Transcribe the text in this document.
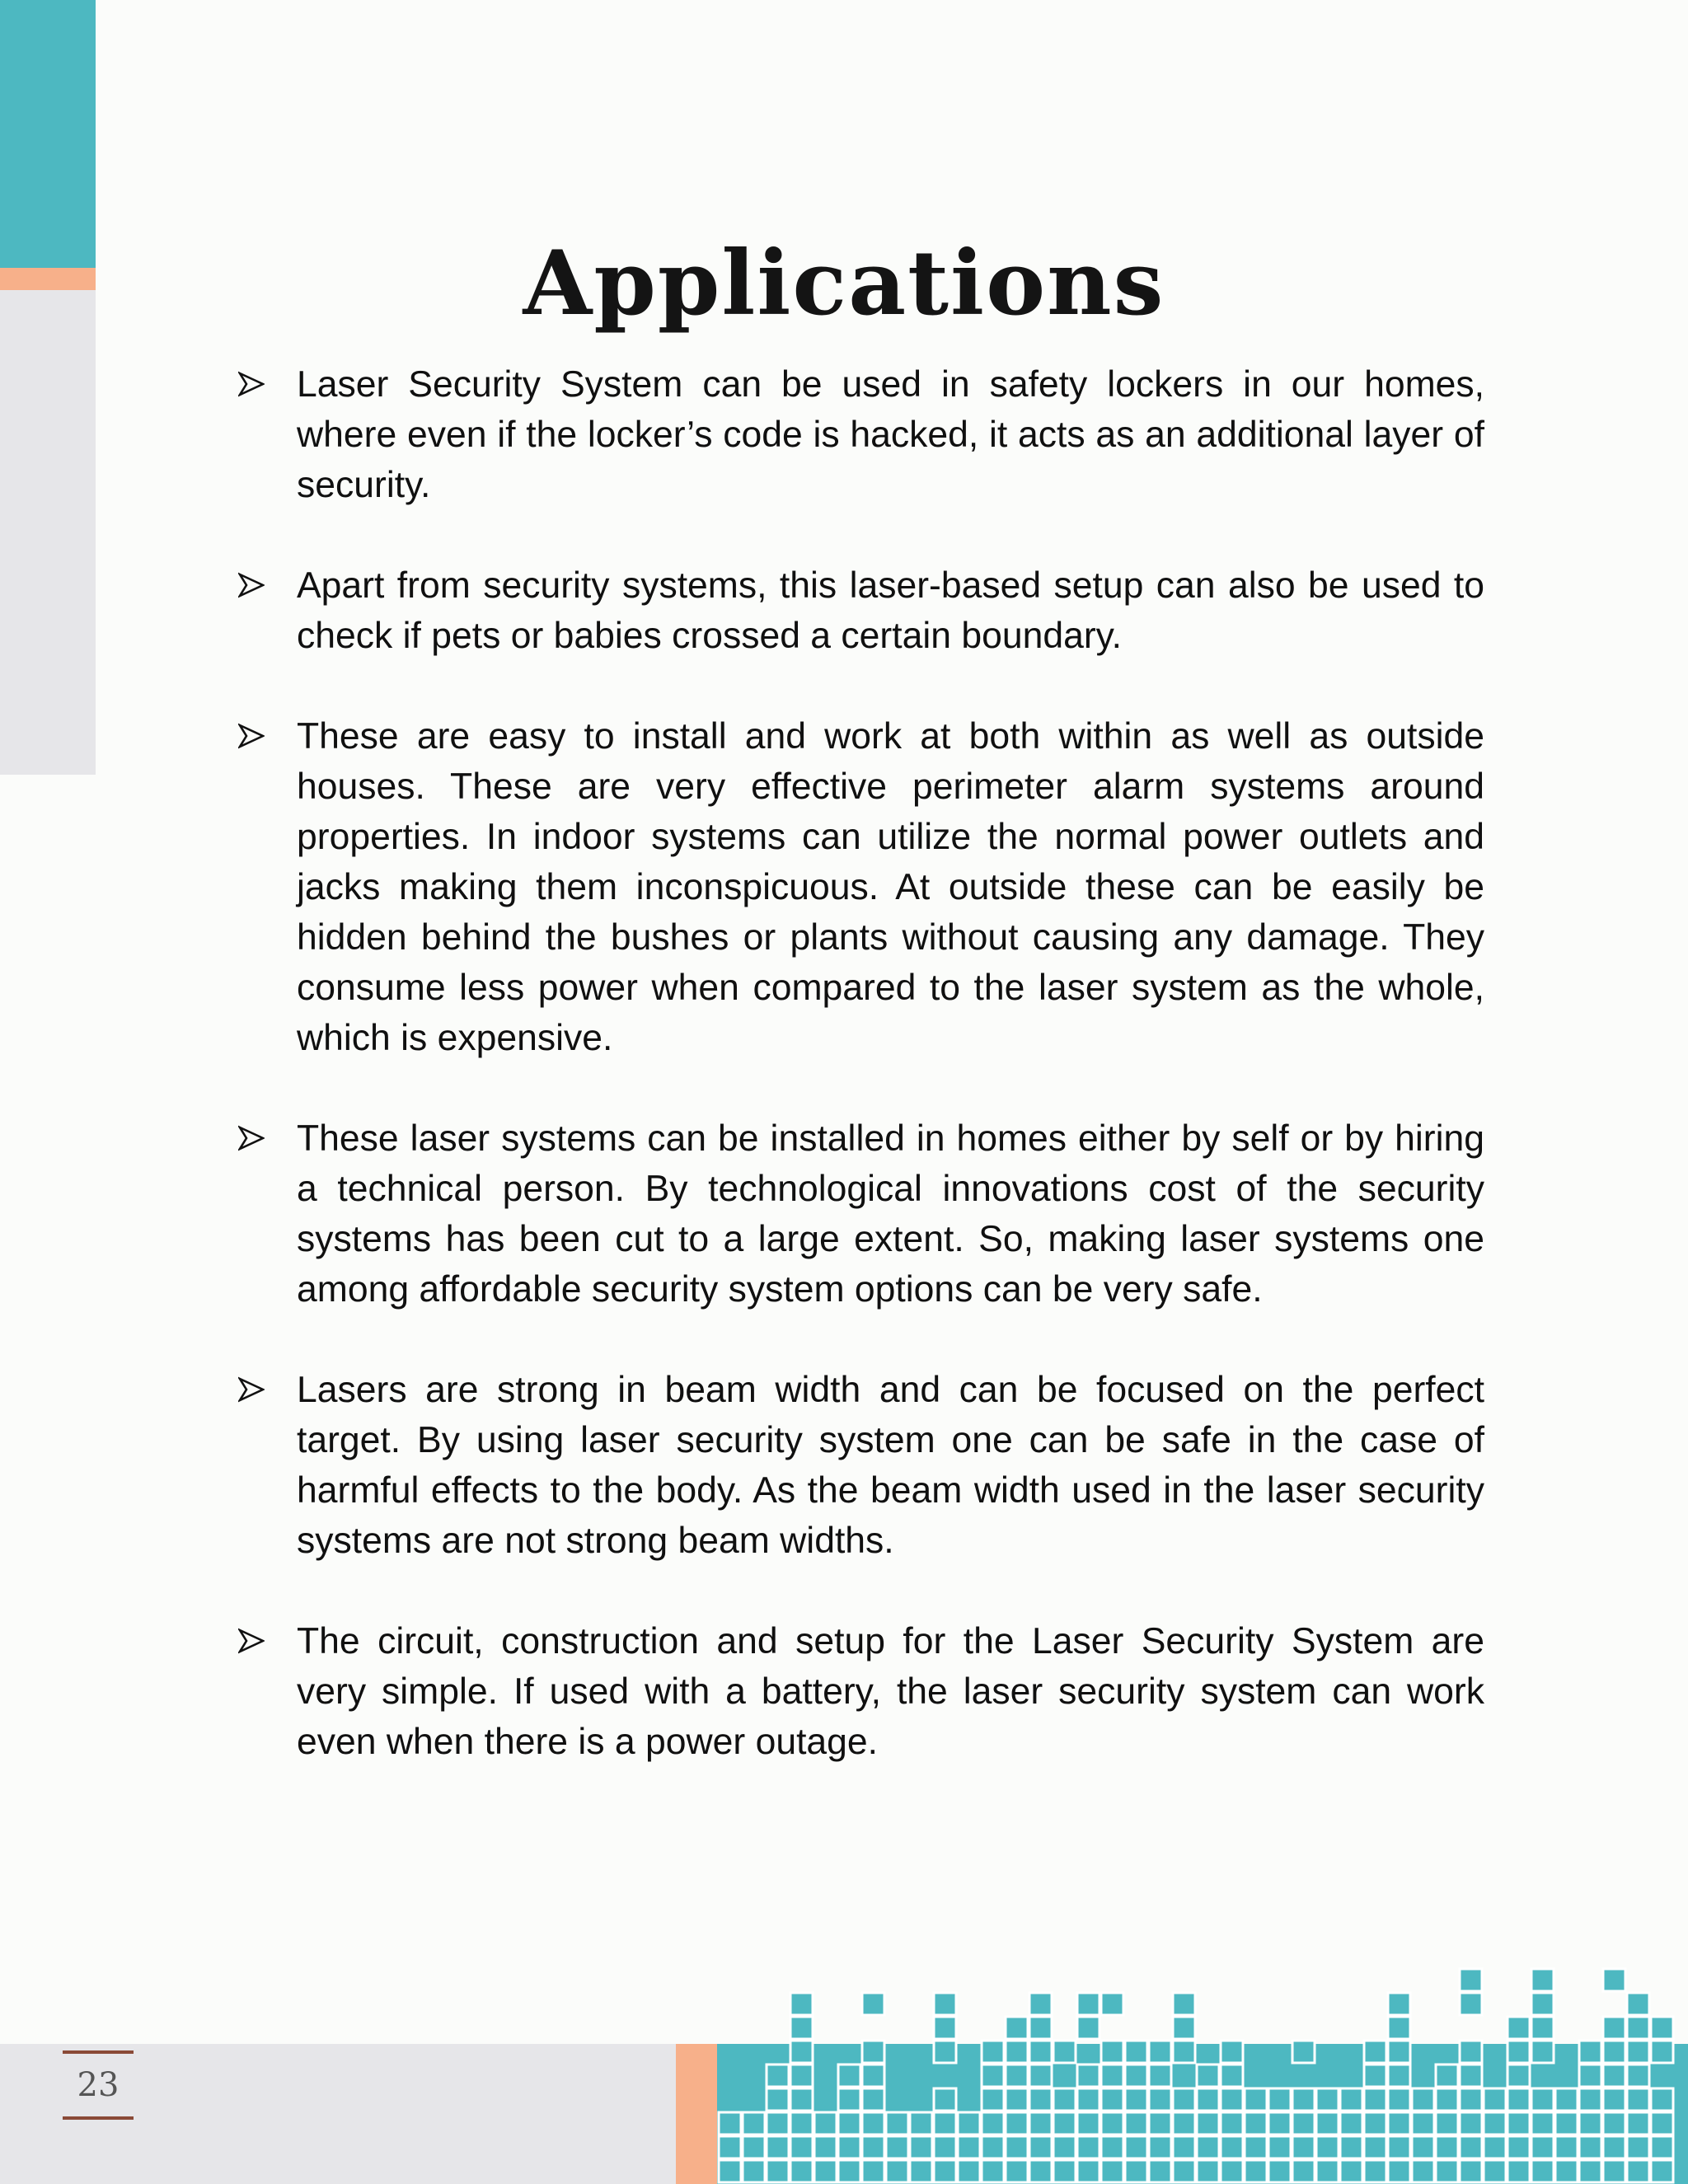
Applications
Laser Security System can be used in safety lockers in our homes, where even if the locker’s code is hacked, it acts as an additional layer of security.
Apart from security systems, this laser-based setup can also be used to check if pets or babies crossed a certain boundary.
These are easy to install and work at both within as well as outside houses. These are very effective perimeter alarm systems around properties. In indoor systems can utilize the normal power outlets and jacks making them inconspicuous. At outside these can be easily be hidden behind the bushes or plants without causing any damage. They consume less power when compared to the laser system as the whole, which is expensive.
These laser systems can be installed in homes either by self or by hiring a technical person. By technological innovations cost of the security systems has been cut to a large extent. So, making laser systems one among affordable security system options can be very safe.
Lasers are strong in beam width and can be focused on the perfect target. By using laser security system one can be safe in the case of harmful effects to the body. As the beam width used in the laser security systems are not strong beam widths.
The circuit, construction and setup for the Laser Security System are very simple. If used with a battery, the laser security system can work even when there is a power outage.
23
